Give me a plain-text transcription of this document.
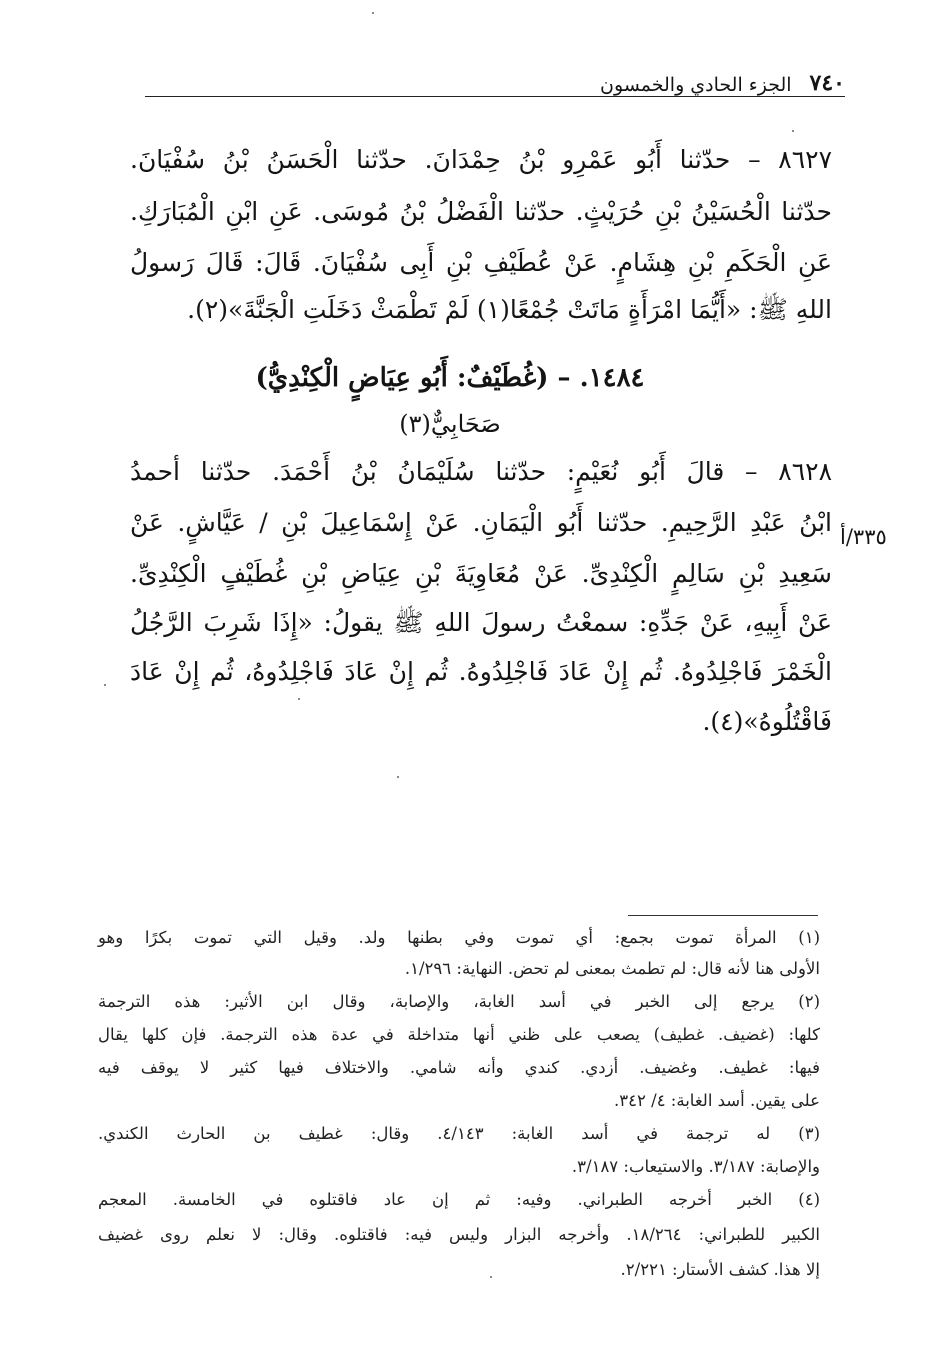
٧٤٠
الجزء الحادي والخمسون
٨٦٢٧ – حدّثنا أَبُو عَمْرِو بْنُ حِمْدَانَ. حدّثنا الْحَسَنُ بْنُ سُفْيَانَ.
حدّثنا الْحُسَيْنُ بْنِ حُرَيْثٍ. حدّثنا الْفَضْلُ بْنُ مُوسَى. عَنِ ابْنِ الْمُبَارَكِ.
عَنِ الْحَكَمِ بْنِ هِشَامٍ. عَنْ عُطَيْفِ بْنِ أَبِى سُفْيَانَ. قَالَ: قَالَ رَسولُ
اللهِ ﷺ: «أَيُّمَا امْرَأَةٍ مَاتَتْ جُمْعًا(١) لَمْ تَطْمَثْ دَخَلَتِ الْجَنَّةَ»(٢).
١٤٨٤. – (غُطَيْفٌ: أَبُو عِيَاضٍ الْكِنْدِيُّ)
صَحَابِيٌّ(٣)
٨٦٢٨ – قالَ أَبُو نُعَيْمٍ: حدّثنا سُلَيْمَانُ بْنُ أَحْمَدَ. حدّثنا أحمدُ
ابْنُ عَبْدِ الرَّحِيمِ. حدّثنا أَبُو الْيَمَانِ. عَنْ إِسْمَاعِيلَ بْنِ / عَيَّاشٍ. عَنْ
سَعِيدِ بْنِ سَالِمٍ الْكِنْدِىِّ. عَنْ مُعَاوِيَةَ بْنِ عِيَاضِ بْنِ غُطَيْفٍ الْكِنْدِىِّ.
عَنْ أَبِيهِ، عَنْ جَدِّهِ: سمعْتُ رسولَ اللهِ ﷺ يقولُ: «إِذَا شَرِبَ الرَّجُلُ
الْخَمْرَ فَاجْلِدُوهُ. ثُم إِنْ عَادَ فَاجْلِدُوهُ. ثُم إِنْ عَادَ فَاجْلِدُوهُ، ثُم إِنْ عَادَ
فَاقْتُلُوهُ»(٤).
٣٣٥/أ
(١) المرأة تموت بجمع: أي تموت وفي بطنها ولد. وقيل التي تموت بكرًا وهو
الأولى هنا لأنه قال: لم تطمث بمعنى لم تحض. النهاية: ١/٢٩٦.
(٢) يرجع إلى الخبر في أسد الغابة، والإصابة، وقال ابن الأثير: هذه الترجمة
كلها: (غضيف. غطيف) يصعب على ظني أنها متداخلة في عدة هذه الترجمة. فإن كلها يقال
فيها: غطيف. وغضيف. أزدي. كندي وأنه شامي. والاختلاف فيها كثير لا يوقف فيه
على يقين. أسد الغابة: ٤/ ٣٤٢.
(٣) له ترجمة في أسد الغابة: ٤/١٤٣. وقال: غطيف بن الحارث الكندي.
والإصابة: ٣/١٨٧. والاستيعاب: ٣/١٨٧.
(٤) الخبر أخرجه الطبراني. وفيه: ثم إن عاد فاقتلوه في الخامسة. المعجم
الكبير للطبراني: ١٨/٢٦٤. وأخرجه البزار وليس فيه: فاقتلوه. وقال: لا نعلم روى غضيف
إلا هذا. كشف الأستار: ٢/٢٢١.
